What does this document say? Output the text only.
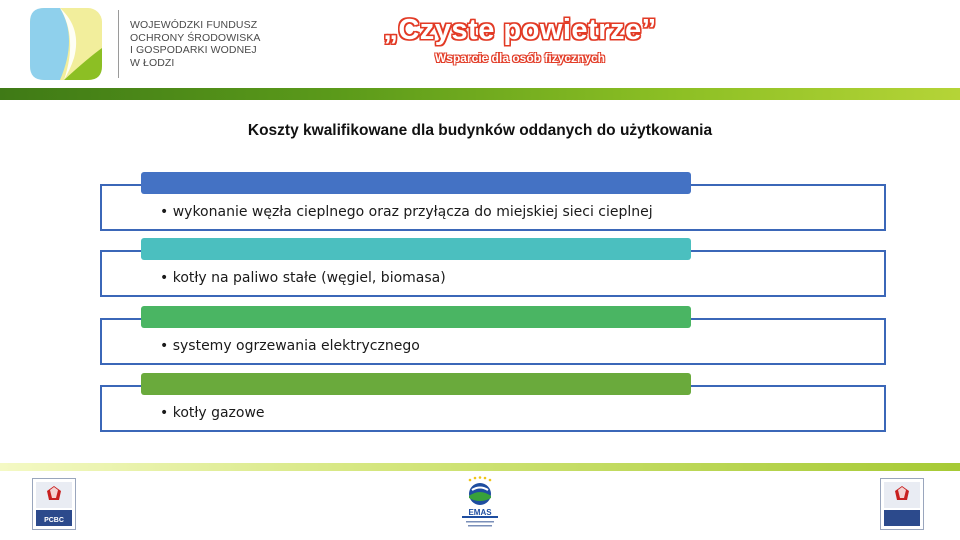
WOJEWÓDZKI FUNDUSZ
OCHRONY ŚRODOWISKA
I GOSPODARKI WODNEJ
W ŁODZI

„Czyste powietrze”
Wsparcie dla osób fizycznych
Koszty kwalifikowane dla budynków oddanych do użytkowania
• wykonanie węzła cieplnego oraz przyłącza do miejskiej sieci cieplnej
• kotły na paliwo stałe (węgiel, biomasa)
• systemy ogrzewania elektrycznego
• kotły gazowe
PCBC
EMAS
